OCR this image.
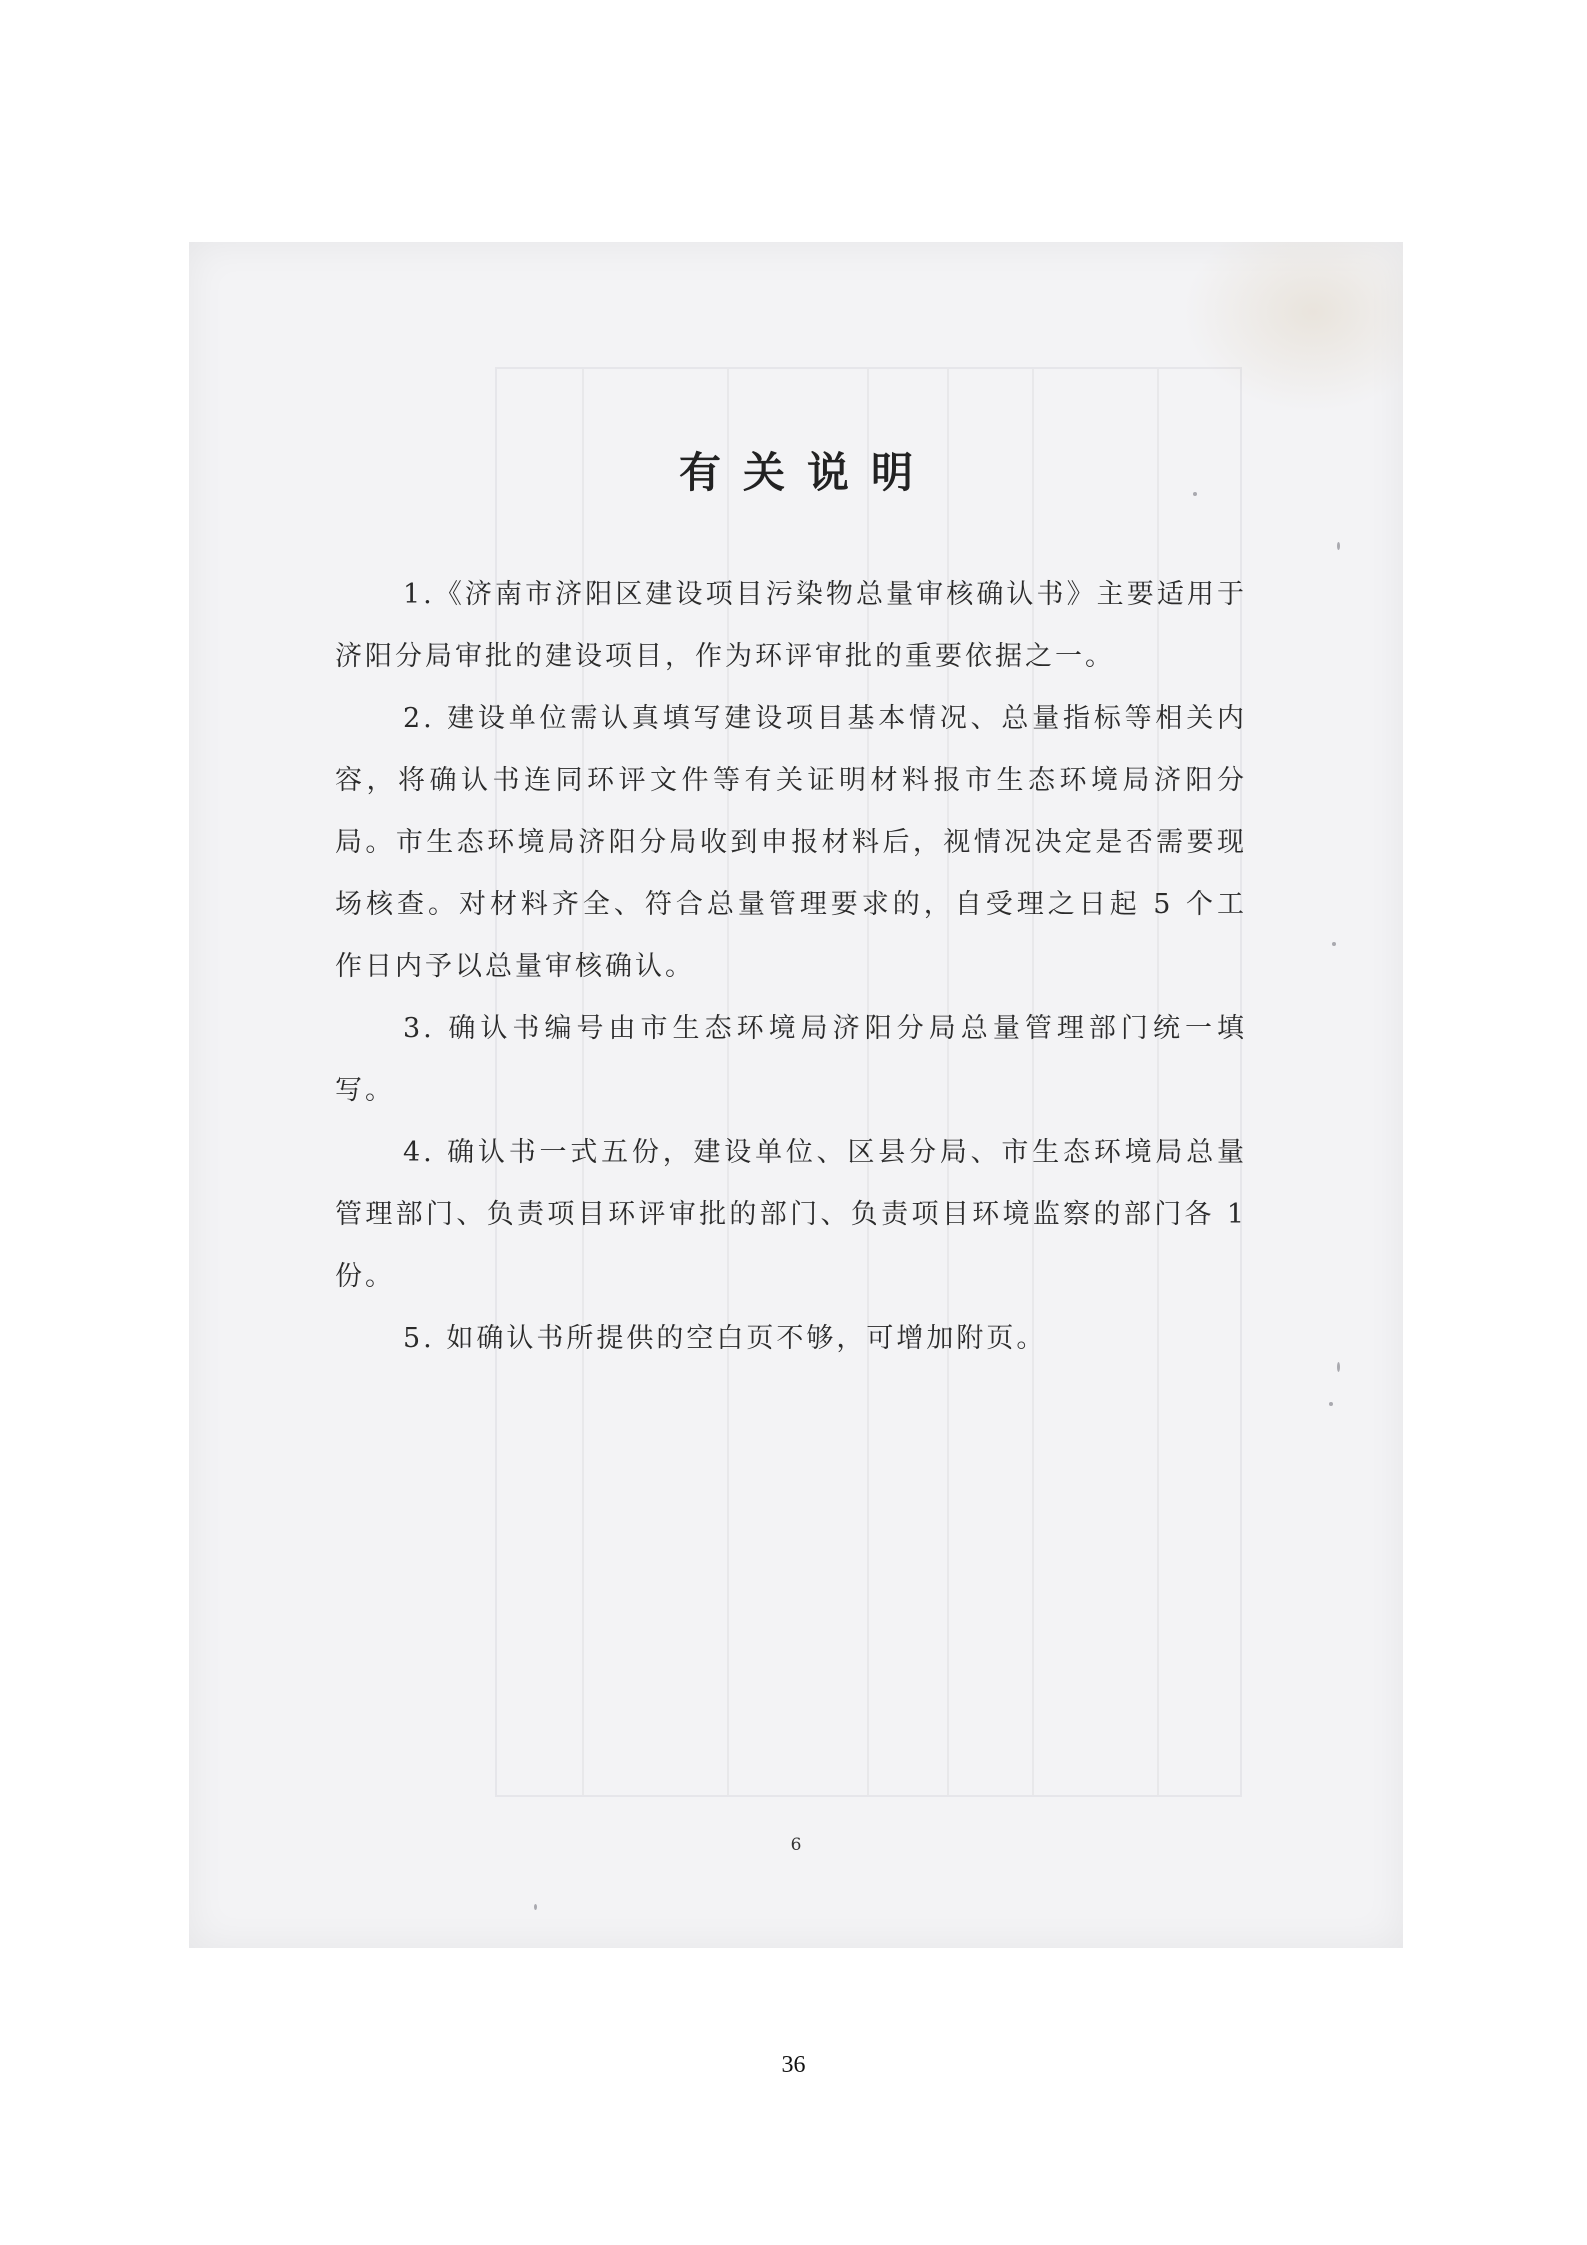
有关说明
1.《济南市济阳区建设项目污染物总量审核确认书》主要适用于济阳分局审批的建设项目，作为环评审批的重要依据之一。
2. 建设单位需认真填写建设项目基本情况、总量指标等相关内容，将确认书连同环评文件等有关证明材料报市生态环境局济阳分局。市生态环境局济阳分局收到申报材料后，视情况决定是否需要现场核查。对材料齐全、符合总量管理要求的，自受理之日起 5 个工作日内予以总量审核确认。
3. 确认书编号由市生态环境局济阳分局总量管理部门统一填写。
4. 确认书一式五份，建设单位、区县分局、市生态环境局总量管理部门、负责项目环评审批的部门、负责项目环境监察的部门各 1 份。
5. 如确认书所提供的空白页不够，可增加附页。
6
36
